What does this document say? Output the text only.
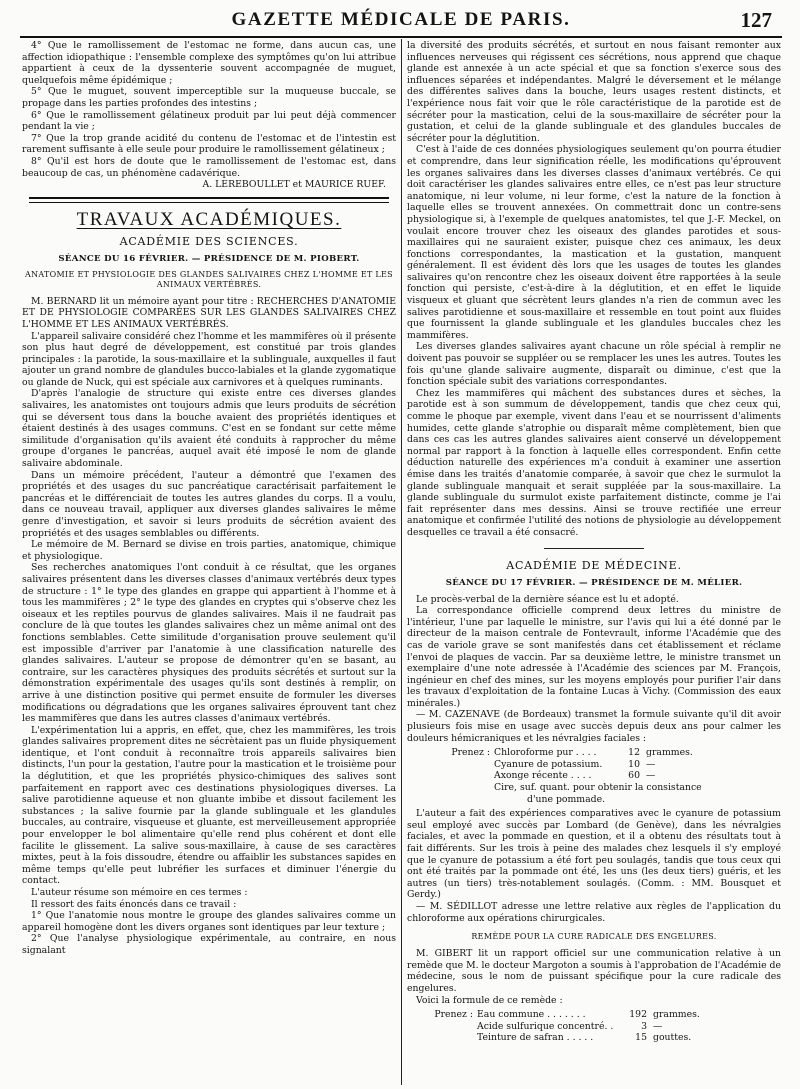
GAZETTE MÉDICALE DE PARIS.	127

4° Que le ramollissement de l'estomac ne forme, dans aucun cas, une affection idiopathique : l'ensemble complexe des symptômes qu'on lui attribue appartient à ceux de la dyssenterie souvent accompagnée de muguet, quelquefois même épidémique ;

5° Que le muguet, souvent imperceptible sur la muqueuse buccale, se propage dans les parties profondes des intestins ;

6° Que le ramollissement gélatineux produit par lui peut déjà commencer pendant la vie ;

7° Que la trop grande acidité du contenu de l'estomac et de l'intestin est rarement suffisante à elle seule pour produire le ramollissement gélatineux ;

8° Qu'il est hors de doute que le ramollissement de l'estomac est, dans beaucoup de cas, un phénomène cadavérique.

A. LEREBOULLET et MAURICE RUEF.

TRAVAUX ACADÉMIQUES.
ACADÉMIE DES SCIENCES.
SÉANCE DU 16 FÉVRIER. — PRÉSIDENCE DE M. PIOBERT.
ANATOMIE ET PHYSIOLOGIE DES GLANDES SALIVAIRES CHEZ L'HOMME ET LES ANIMAUX VERTÉBRÉS.

M. BERNARD lit un mémoire ayant pour titre : RECHERCHES D'ANATOMIE ET DE PHYSIOLOGIE COMPARÉES SUR LES GLANDES SALIVAIRES CHEZ L'HOMME ET LES ANIMAUX VERTÉBRÉS.

L'appareil salivaire considéré chez l'homme et les mammifères où il présente son plus haut degré de développement, est constitué par trois glandes principales : la parotide, la sous-maxillaire et la sublinguale, auxquelles il faut ajouter un grand nombre de glandules bucco-labiales et la glande zygomatique ou glande de Nuck, qui est spéciale aux carnivores et à quelques ruminants.

D'après l'analogie de structure qui existe entre ces diverses glandes salivaires, les anatomistes ont toujours admis que leurs produits de sécrétion qui se déversent tous dans la bouche avaient des propriétés identiques et étaient destinés à des usages communs. C'est en se fondant sur cette même similitude d'organisation qu'ils avaient été conduits à rapprocher du même groupe d'organes le pancréas, auquel avait été imposé le nom de glande salivaire abdominale.

Dans un mémoire précédent, l'auteur a démontré que l'examen des propriétés et des usages du suc pancréatique caractérisait parfaitement le pancréas et le différenciait de toutes les autres glandes du corps. Il a voulu, dans ce nouveau travail, appliquer aux diverses glandes salivaires le même genre d'investigation, et savoir si leurs produits de sécrétion avaient des propriétés et des usages semblables ou différents.

Le mémoire de M. Bernard se divise en trois parties, anatomique, chimique et physiologique.

Ses recherches anatomiques l'ont conduit à ce résultat, que les organes salivaires présentent dans les diverses classes d'animaux vertébrés deux types de structure : 1° le type des glandes en grappe qui appartient à l'homme et à tous les mammifères ; 2° le type des glandes en cryptes qui s'observe chez les oiseaux et les reptiles pourvus de glandes salivaires. Mais il ne faudrait pas conclure de là que toutes les glandes salivaires chez un même animal ont des fonctions semblables. Cette similitude d'organisation prouve seulement qu'il est impossible d'arriver par l'anatomie à une classification naturelle des glandes salivaires. L'auteur se propose de démontrer qu'en se basant, au contraire, sur les caractères physiques des produits sécrétés et surtout sur la démonstration expérimentale des usages qu'ils sont destinés à remplir, on arrive à une distinction positive qui permet ensuite de formuler les diverses modifications ou dégradations que les organes salivaires éprouvent tant chez les mammifères que dans les autres classes d'animaux vertébrés.

L'expérimentation lui a appris, en effet, que, chez les mammifères, les trois glandes salivaires proprement dites ne sécrètaient pas un fluide physiquement identique, et l'ont conduit à reconnaître trois appareils salivaires bien distincts, l'un pour la gestation, l'autre pour la mastication et le troisième pour la déglutition, et que les propriétés physico-chimiques des salives sont parfaitement en rapport avec ces destinations physiologiques diverses. La salive parotidienne aqueuse et non gluante imbibe et dissout facilement les substances ; la salive fournie par la glande sublinguale et les glandules buccales, au contraire, visqueuse et gluante, est merveilleusement appropriée pour envelopper le bol alimentaire qu'elle rend plus cohérent et dont elle facilite le glissement. La salive sous-maxillaire, à cause de ses caractères mixtes, peut à la fois dissoudre, étendre ou affaiblir les substances sapides en même temps qu'elle peut lubréfier les surfaces et diminuer l'énergie du contact.

L'auteur résume son mémoire en ces termes :

Il ressort des faits énoncés dans ce travail :

1° Que l'anatomie nous montre le groupe des glandes salivaires comme un appareil homogène dont les divers organes sont identiques par leur texture ;

2° Que l'analyse physiologique expérimentale, au contraire, en nous signalant

la diversité des produits sécrétés, et surtout en nous faisant remonter aux influences nerveuses qui régissent ces sécrétions, nous apprend que chaque glande est annexée à un acte spécial et que sa fonction s'exerce sous des influences séparées et indépendantes. Malgré le déversement et le mélange des différentes salives dans la bouche, leurs usages restent distincts, et l'expérience nous fait voir que le rôle caractéristique de la parotide est de sécréter pour la mastication, celui de la sous-maxillaire de sécréter pour la gustation, et celui de la glande sublinguale et des glandules buccales de sécréter pour la déglutition.

C'est à l'aide de ces données physiologiques seulement qu'on pourra étudier et comprendre, dans leur signification réelle, les modifications qu'éprouvent les organes salivaires dans les diverses classes d'animaux vertébrés. Ce qui doit caractériser les glandes salivaires entre elles, ce n'est pas leur structure anatomique, ni leur volume, ni leur forme, c'est la nature de la fonction à laquelle elles se trouvent annexées. On commettrait donc un contre-sens physiologique si, à l'exemple de quelques anatomistes, tel que J.-F. Meckel, on voulait encore trouver chez les oiseaux des glandes parotides et sous-maxillaires qui ne sauraient exister, puisque chez ces animaux, les deux fonctions correspondantes, la mastication et la gustation, manquent généralement. Il est évident dès lors que les usages de toutes les glandes salivaires qu'on rencontre chez les oiseaux doivent être rapportées à la seule fonction qui persiste, c'est-à-dire à la déglutition, et en effet le liquide visqueux et gluant que sécrètent leurs glandes n'a rien de commun avec les salives parotidienne et sous-maxillaire et ressemble en tout point aux fluides que fournissent la glande sublinguale et les glandules buccales chez les mammifères.

Les diverses glandes salivaires ayant chacune un rôle spécial à remplir ne doivent pas pouvoir se suppléer ou se remplacer les unes les autres. Toutes les fois qu'une glande salivaire augmente, disparaît ou diminue, c'est que la fonction spéciale subit des variations correspondantes.

Chez les mammifères qui mâchent des substances dures et sèches, la parotide est à son summum de développement, tandis que chez ceux qui, comme le phoque par exemple, vivent dans l'eau et se nourrissent d'aliments humides, cette glande s'atrophie ou disparaît même complètement, bien que dans ces cas les autres glandes salivaires aient conservé un développement normal par rapport à la fonction à laquelle elles correspondent. Enfin cette déduction naturelle des expériences m'a conduit à examiner une assertion émise dans les traités d'anatomie comparée, à savoir que chez le surmulot la glande sublinguale manquait et serait suppléée par la sous-maxillaire. La glande sublinguale du surmulot existe parfaitement distincte, comme je l'ai fait représenter dans mes dessins. Ainsi se trouve rectifiée une erreur anatomique et confirmée l'utilité des notions de physiologie au développement desquelles ce travail a été consacré.

ACADÉMIE DE MÉDECINE.
SÉANCE DU 17 FÉVRIER. — PRÉSIDENCE DE M. MÉLIER.

Le procès-verbal de la dernière séance est lu et adopté.

La correspondance officielle comprend deux lettres du ministre de l'intérieur, l'une par laquelle le ministre, sur l'avis qui lui a été donné par le directeur de la maison centrale de Fontevrault, informe l'Académie que des cas de variole grave se sont manifestés dans cet établissement et réclame l'envoi de plaques de vaccin. Par sa deuxième lettre, le ministre transmet un exemplaire d'une note adressée à l'Académie des sciences par M. François, ingénieur en chef des mines, sur les moyens employés pour purifier l'air dans les travaux d'exploitation de la fontaine Lucas à Vichy. (Commission des eaux minérales.)

— M. CAZENAVE (de Bordeaux) transmet la formule suivante qu'il dit avoir plusieurs fois mise en usage avec succès depuis deux ans pour calmer les douleurs hémicraniques et les névralgies faciales :

Prenez : Chloroforme pur . . . .	12 grammes.
Cyanure de potassium.	10 —
Axonge récente . . . .	60 —
Cire, suf. quant. pour obtenir la consistance
d'une pommade.

L'auteur a fait des expériences comparatives avec le cyanure de potassium seul employé avec succès par Lombard (de Genève), dans les névralgies faciales, et avec la pommade en question, et il a obtenu des résultats tout à fait différents. Sur les trois à peine des malades chez lesquels il s'y employé que le cyanure de potassium a été fort peu soulagés, tandis que tous ceux qui ont été traités par la pommade ont été, les uns (les deux tiers) guéris, et les autres (un tiers) très-notablement soulagés. (Comm. : MM. Bousquet et Gerdy.)

— M. SÉDILLOT adresse une lettre relative aux règles de l'application du chloroforme aux opérations chirurgicales.

REMÈDE POUR LA CURE RADICALE DES ENGELURES.

M. GIBERT lit un rapport officiel sur une communication relative à un remède que M. le docteur Margoton a soumis à l'approbation de l'Académie de médecine, sous le nom de puissant spécifique pour la cure radicale des engelures.

Voici la formule de ce remède :

Prenez : Eau commune . . . . . . .	192 grammes.
Acide sulfurique concentré. .	3 —
Teinture de safran . . . . .	15 gouttes.
